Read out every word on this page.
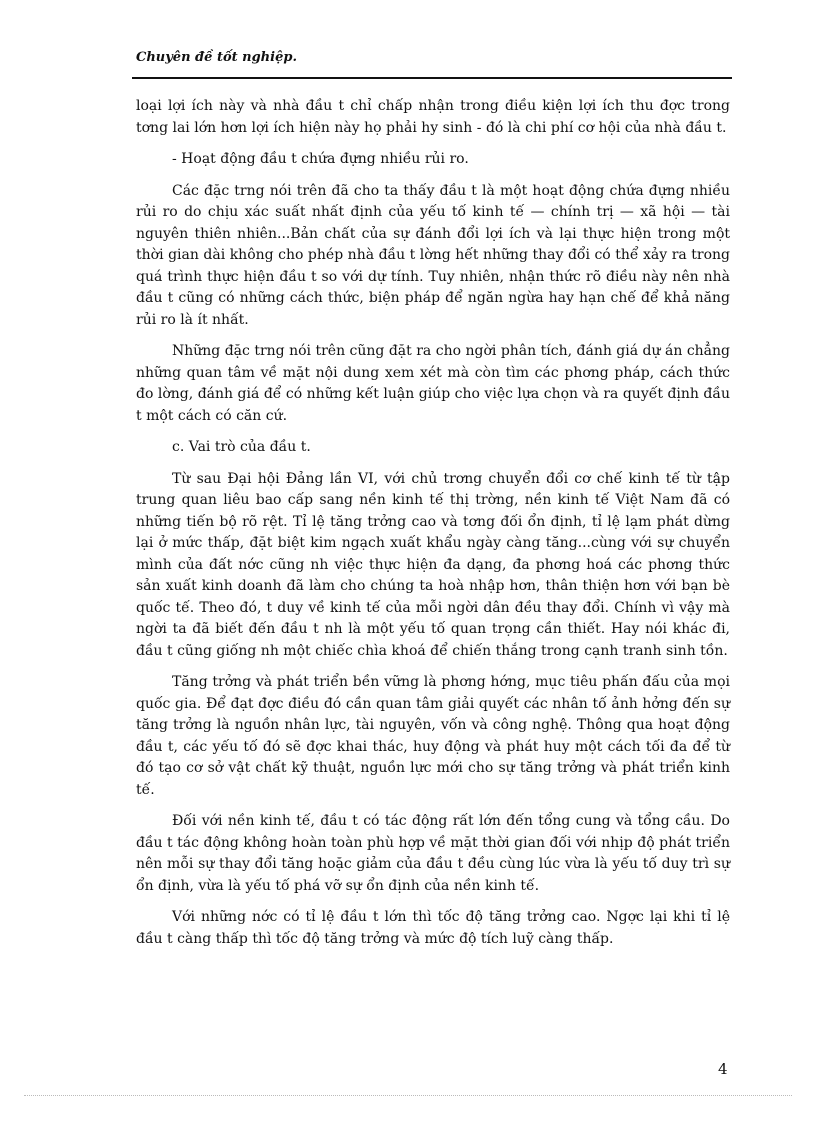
Chuyên đề tốt nghiệp.

loại lợi ích này và nhà đầu t chỉ chấp nhận trong điều kiện lợi ích thu đợc trong tơng lai lớn hơn lợi ích hiện này họ phải hy sinh - đó là chi phí cơ hội của nhà đầu t.

- Hoạt động đầu t chứa đựng nhiều rủi ro.

Các đặc trng nói trên đã cho ta thấy đầu t là một hoạt động chứa đựng nhiều rủi ro do chịu xác suất nhất định của yếu tố kinh tế — chính trị — xã hội — tài nguyên thiên nhiên...Bản chất của sự đánh đổi lợi ích và lại thực hiện trong một thời gian dài không cho phép nhà đầu t lờng hết những thay đổi có thể xảy ra trong quá trình thực hiện đầu t so với dự tính. Tuy nhiên, nhận thức rõ điều này nên nhà đầu t cũng có những cách thức, biện pháp để ngăn ngừa hay hạn chế để khả năng rủi ro là ít nhất.

Những đặc trng nói trên cũng đặt ra cho ngời phân tích, đánh giá dự án chẳng những quan tâm về mặt nội dung xem xét mà còn tìm các phơng pháp, cách thức đo lờng, đánh giá để có những kết luận giúp cho việc lựa chọn và ra quyết định đầu t một cách có căn cứ.

c. Vai trò của đầu t.

Từ sau Đại hội Đảng lần VI, với chủ trơng chuyển đổi cơ chế kinh tế từ tập trung quan liêu bao cấp sang nền kinh tế thị trờng, nền kinh tế Việt Nam đã có những tiến bộ rõ rệt. Tỉ lệ tăng trởng cao và tơng đối ổn định, tỉ lệ lạm phát dừng lại ở mức thấp, đặt biệt kim ngạch xuất khẩu ngày càng tăng...cùng với sự chuyển mình của đất nớc cũng nh việc thực hiện đa dạng, đa phơng hoá các phơng thức sản xuất kinh doanh đã làm cho chúng ta hoà nhập hơn, thân thiện hơn với bạn bè quốc tế. Theo đó, t duy về kinh tế của mỗi ngời dân đều thay đổi. Chính vì vậy mà ngời ta đã biết đến đầu t nh là một yếu tố quan trọng cần thiết. Hay nói khác đi, đầu t cũng giống nh một chiếc chìa khoá để chiến thắng trong cạnh tranh sinh tồn.

Tăng trởng và phát triển bền vững là phơng hớng, mục tiêu phấn đấu của mọi quốc gia. Để đạt đợc điều đó cần quan tâm giải quyết các nhân tố ảnh hởng đến sự tăng trởng là nguồn nhân lực, tài nguyên, vốn và công nghệ. Thông qua hoạt động đầu t, các yếu tố đó sẽ đợc khai thác, huy động và phát huy một cách tối đa để từ đó tạo cơ sở vật chất kỹ thuật, nguồn lực mới cho sự tăng trởng và phát triển kinh tế.

Đối với nền kinh tế, đầu t có tác động rất lớn đến tổng cung và tổng cầu. Do đầu t tác động không hoàn toàn phù hợp về mặt thời gian đối với nhịp độ phát triển nên mỗi sự thay đổi tăng hoặc giảm của đầu t đều cùng lúc vừa là yếu tố duy trì sự ổn định, vừa là yếu tố phá vỡ sự ổn định của nền kinh tế.

Với những nớc có tỉ lệ đầu t lớn thì tốc độ tăng trởng cao. Ngợc lại khi tỉ lệ đầu t càng thấp thì tốc độ tăng trởng và mức độ tích luỹ càng thấp.

4
